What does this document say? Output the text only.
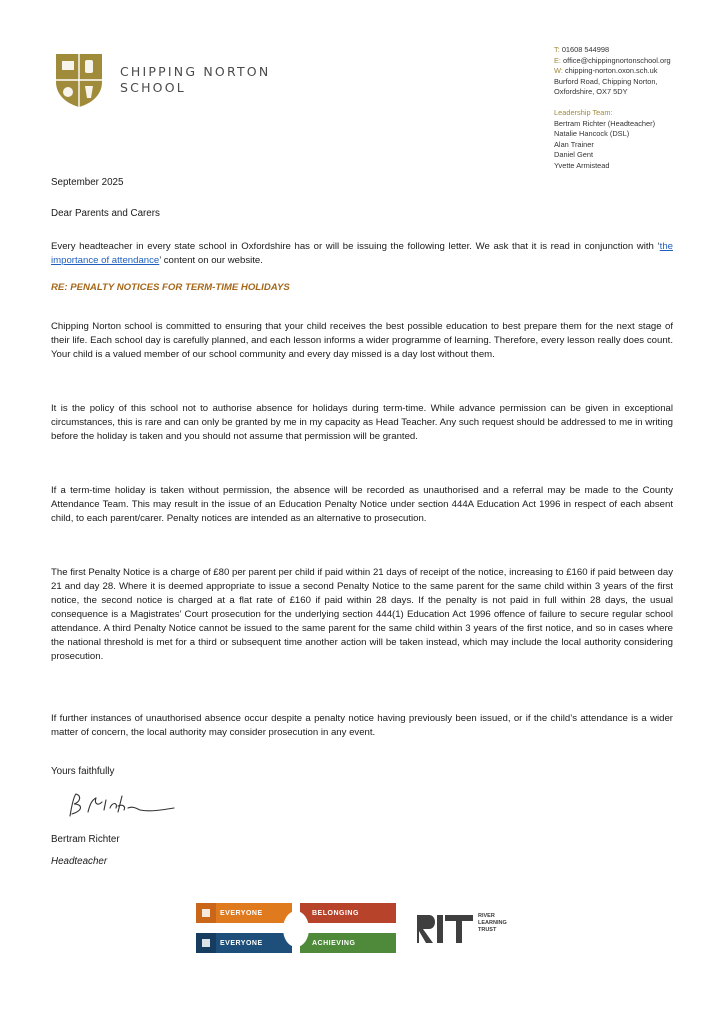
CHIPPING NORTON
SCHOOL
T: 01608 544998
E: office@chippingnortonschool.org
W: chipping-norton.oxon.sch.uk
Burford Road, Chipping Norton,
Oxfordshire, OX7 5DY
Leadership Team:
Bertram Richter (Headteacher)
Natalie Hancock (DSL)
Alan Trainer
Daniel Gent
Yvette Armistead
September 2025
Dear Parents and Carers
Every headteacher in every state school in Oxfordshire has or will be issuing the following letter. We ask that it is read in conjunction with ‘the importance of attendance’ content on our website.
RE: PENALTY NOTICES FOR TERM-TIME HOLIDAYS
Chipping Norton school is committed to ensuring that your child receives the best possible education to best prepare them for the next stage of their life. Each school day is carefully planned, and each lesson informs a wider programme of learning. Therefore, every lesson really does count. Your child is a valued member of our school community and every day missed is a day lost without them.
It is the policy of this school not to authorise absence for holidays during term-time. While advance permission can be given in exceptional circumstances, this is rare and can only be granted by me in my capacity as Head Teacher. Any such request should be addressed to me in writing before the holiday is taken and you should not assume that permission will be granted.
If a term-time holiday is taken without permission, the absence will be recorded as unauthorised and a referral may be made to the County Attendance Team. This may result in the issue of an Education Penalty Notice under section 444A Education Act 1996 in respect of each absent child, to each parent/carer. Penalty notices are intended as an alternative to prosecution.
The first Penalty Notice is a charge of £80 per parent per child if paid within 21 days of receipt of the notice, increasing to £160 if paid between day 21 and day 28. Where it is deemed appropriate to issue a second Penalty Notice to the same parent for the same child within 3 years of the first notice, the second notice is charged at a flat rate of £160 if paid within 28 days. If the penalty is not paid in full within 28 days, the usual consequence is a Magistrates’ Court prosecution for the underlying section 444(1) Education Act 1996 offence of failure to secure regular school attendance. A third Penalty Notice cannot be issued to the same parent for the same child within 3 years of the first notice, and so in cases where the national threshold is met for a third or subsequent time another action will be taken instead, which may include the local authority considering prosecution.
If further instances of unauthorised absence occur despite a penalty notice having previously been issued, or if the child’s attendance is a wider matter of concern, the local authority may consider prosecution in any event.
Yours faithfully
Bertram Richter
Headteacher
EVERYONE	BELONGING
EVERYONE	ACHIEVING
RIVER
LEARNING
TRUST
